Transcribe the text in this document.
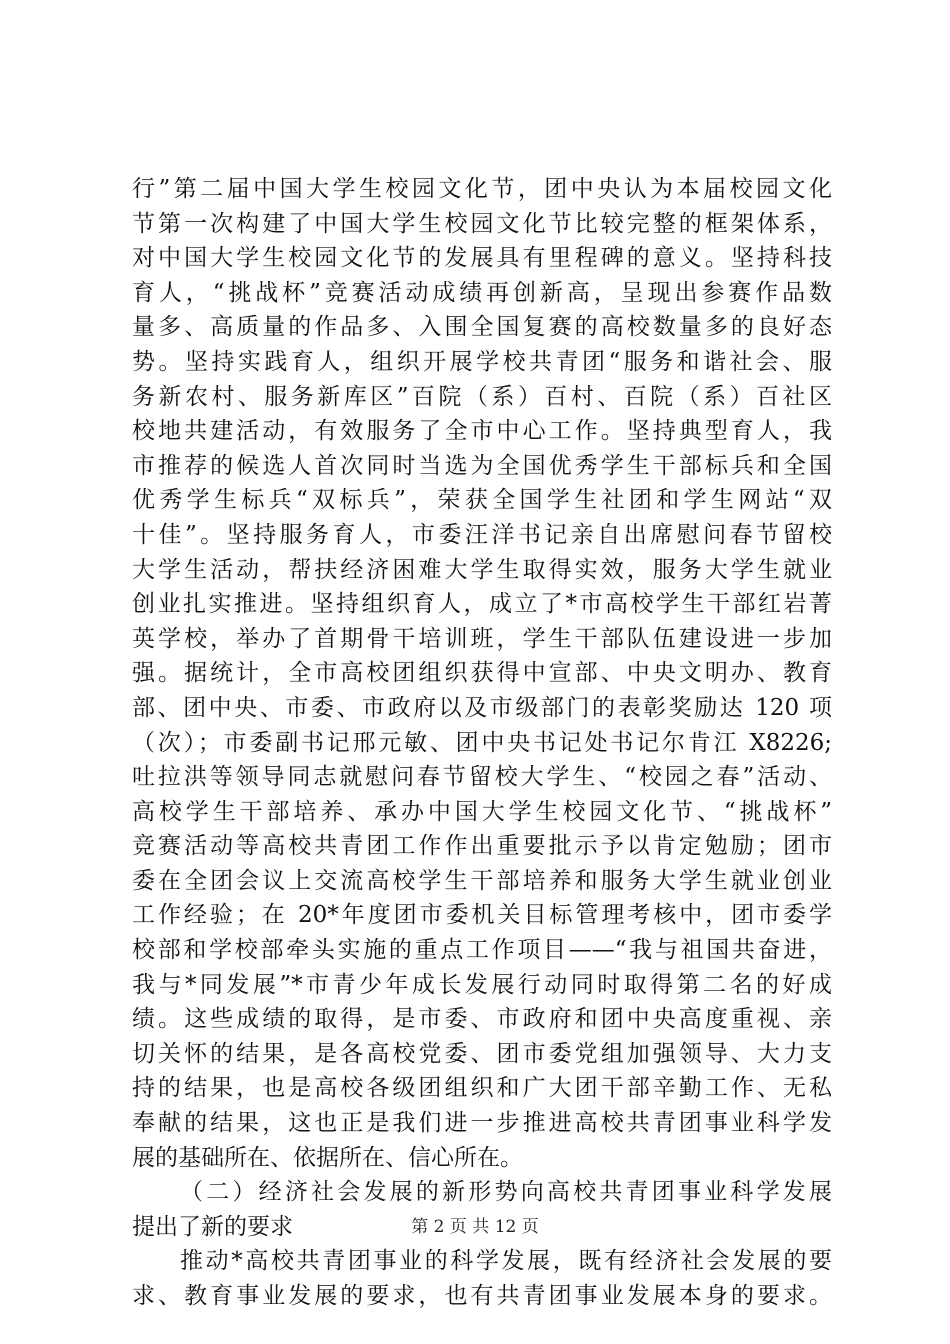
行”第二届中国大学生校园文化节，团中央认为本届校园文化
节第一次构建了中国大学生校园文化节比较完整的框架体系，
对中国大学生校园文化节的发展具有里程碑的意义。坚持科技
育人，“挑战杯”竞赛活动成绩再创新高，呈现出参赛作品数
量多、高质量的作品多、入围全国复赛的高校数量多的良好态
势。坚持实践育人，组织开展学校共青团“服务和谐社会、服
务新农村、服务新库区”百院（系）百村、百院（系）百社区
校地共建活动，有效服务了全市中心工作。坚持典型育人，我
市推荐的候选人首次同时当选为全国优秀学生干部标兵和全国
优秀学生标兵“双标兵”，荣获全国学生社团和学生网站“双
十佳”。坚持服务育人，市委汪洋书记亲自出席慰问春节留校
大学生活动，帮扶经济困难大学生取得实效，服务大学生就业
创业扎实推进。坚持组织育人，成立了*市高校学生干部红岩菁
英学校，举办了首期骨干培训班，学生干部队伍建设进一步加
强。据统计，全市高校团组织获得中宣部、中央文明办、教育
部、团中央、市委、市政府以及市级部门的表彰奖励达 120 项
（次）；市委副书记邢元敏、团中央书记处书记尔肯江 X8226;
吐拉洪等领导同志就慰问春节留校大学生、“校园之春”活动、
高校学生干部培养、承办中国大学生校园文化节、“挑战杯”
竞赛活动等高校共青团工作作出重要批示予以肯定勉励；团市
委在全团会议上交流高校学生干部培养和服务大学生就业创业
工作经验；在 20*年度团市委机关目标管理考核中，团市委学
校部和学校部牵头实施的重点工作项目——“我与祖国共奋进，
我与*同发展”*市青少年成长发展行动同时取得第二名的好成
绩。这些成绩的取得，是市委、市政府和团中央高度重视、亲
切关怀的结果，是各高校党委、团市委党组加强领导、大力支
持的结果，也是高校各级团组织和广大团干部辛勤工作、无私
奉献的结果，这也正是我们进一步推进高校共青团事业科学发
展的基础所在、依据所在、信心所在。
（二）经济社会发展的新形势向高校共青团事业科学发展
提出了新的要求
推动*高校共青团事业的科学发展，既有经济社会发展的要
求、教育事业发展的要求，也有共青团事业发展本身的要求。
第 2 页 共 12 页
